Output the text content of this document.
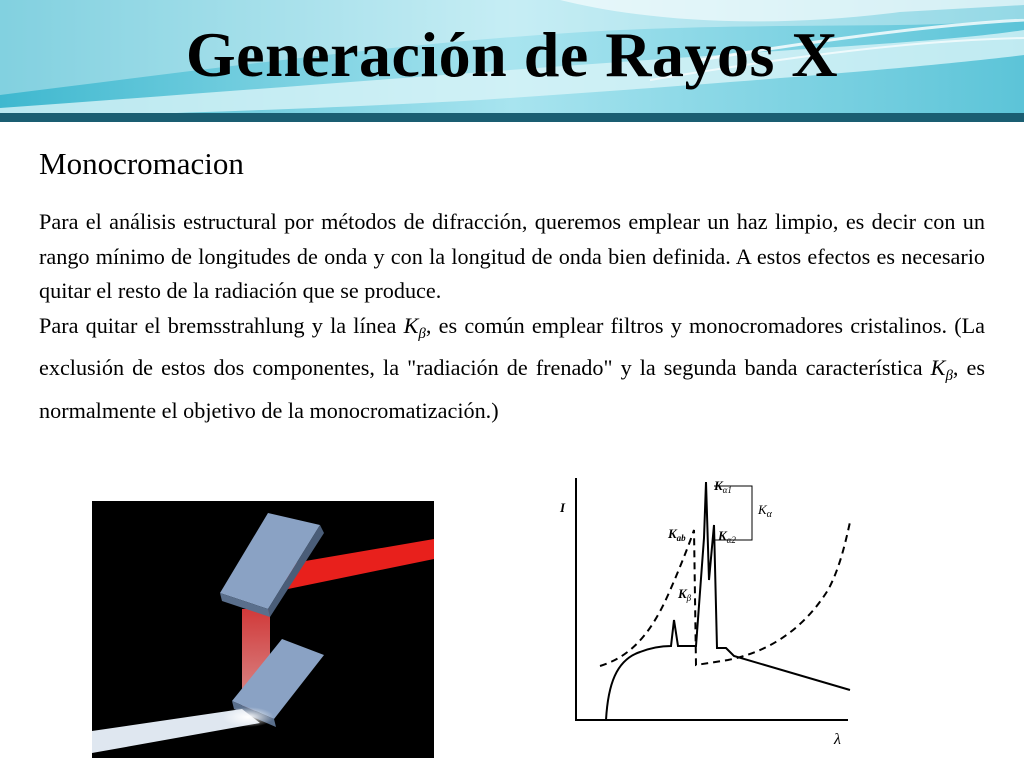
Generación de Rayos X
Monocromacion

Para el análisis estructural por métodos de difracción, queremos emplear un haz limpio, es decir con un rango mínimo de longitudes de onda y con la longitud de onda bien definida. A estos efectos es necesario quitar el resto de la radiación que se produce.

Para quitar el bremsstrahlung y la línea $K_\beta$, es común emplear filtros y monocromadores cristalinos. (La exclusión de estos dos componentes, la "radiación de frenado" y la segunda banda característica $K_\beta$, es normalmente el objetivo de la monocromatización.)

I
λ
$K_{\alpha 1}$
$K_{\alpha 2}$
$K_\alpha$
$K_{ab}$
$K_\beta$
